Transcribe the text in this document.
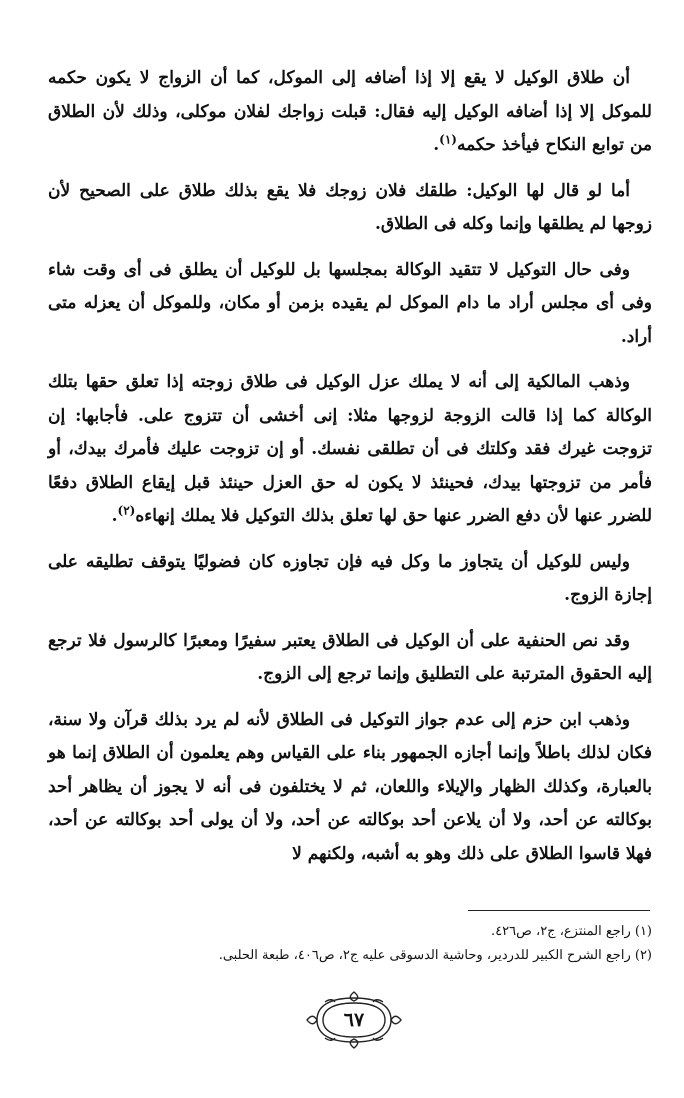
أن طلاق الوكيل لا يقع إلا إذا أضافه إلى الموكل، كما أن الزواج لا يكون حكمه للموكل إلا إذا أضافه الوكيل إليه فقال: قبلت زواجك لفلان موكلى، وذلك لأن الطلاق من توابع النكاح فيأخذ حكمه$^{(١)}$.

أما لو قال لها الوكيل: طلقك فلان زوجك فلا يقع بذلك طلاق على الصحيح لأن زوجها لم يطلقها وإنما وكله فى الطلاق.

وفى حال التوكيل لا تتقيد الوكالة بمجلسها بل للوكيل أن يطلق فى أى وقت شاء وفى أى مجلس أراد ما دام الموكل لم يقيده بزمن أو مكان، وللموكل أن يعزله متى أراد.

وذهب المالكية إلى أنه لا يملك عزل الوكيل فى طلاق زوجته إذا تعلق حقها بتلك الوكالة كما إذا قالت الزوجة لزوجها مثلا: إنى أخشى أن تتزوج على. فأجابها: إن تزوجت غيرك فقد وكلتك فى أن تطلقى نفسك. أو إن تزوجت عليك فأمرك بيدك، أو فأمر من تزوجتها بيدك، فحينئذ لا يكون له حق العزل حينئذ قبل إيقاع الطلاق دفعًا للضرر عنها لأن دفع الضرر عنها حق لها تعلق بذلك التوكيل فلا يملك إنهاءه$^{(٢)}$.

وليس للوكيل أن يتجاوز ما وكل فيه فإن تجاوزه كان فضوليًا يتوقف تطليقه على إجازة الزوج.

وقد نص الحنفية على أن الوكيل فى الطلاق يعتبر سفيرًا ومعبرًا كالرسول فلا ترجع إليه الحقوق المترتبة على التطليق وإنما ترجع إلى الزوج.

وذهب ابن حزم إلى عدم جواز التوكيل فى الطلاق لأنه لم يرد بذلك قرآن ولا سنة، فكان لذلك باطلاً وإنما أجازه الجمهور بناء على القياس وهم يعلمون أن الطلاق إنما هو بالعبارة، وكذلك الظهار والإيلاء واللعان، ثم لا يختلفون فى أنه لا يجوز أن يظاهر أحد بوكالته عن أحد، ولا أن يلاعن أحد بوكالته عن أحد، ولا أن يولى أحد بوكالته عن أحد، فهلا قاسوا الطلاق على ذلك وهو به أشبه، ولكنهم لا

(١) راجع المنتزع، ج٢، ص٤٢٦.

(٢) راجع الشرح الكبير للدردير، وحاشية الدسوقى عليه ج٢، ص٤٠٦، طبعة الحلبى.

٦٧
